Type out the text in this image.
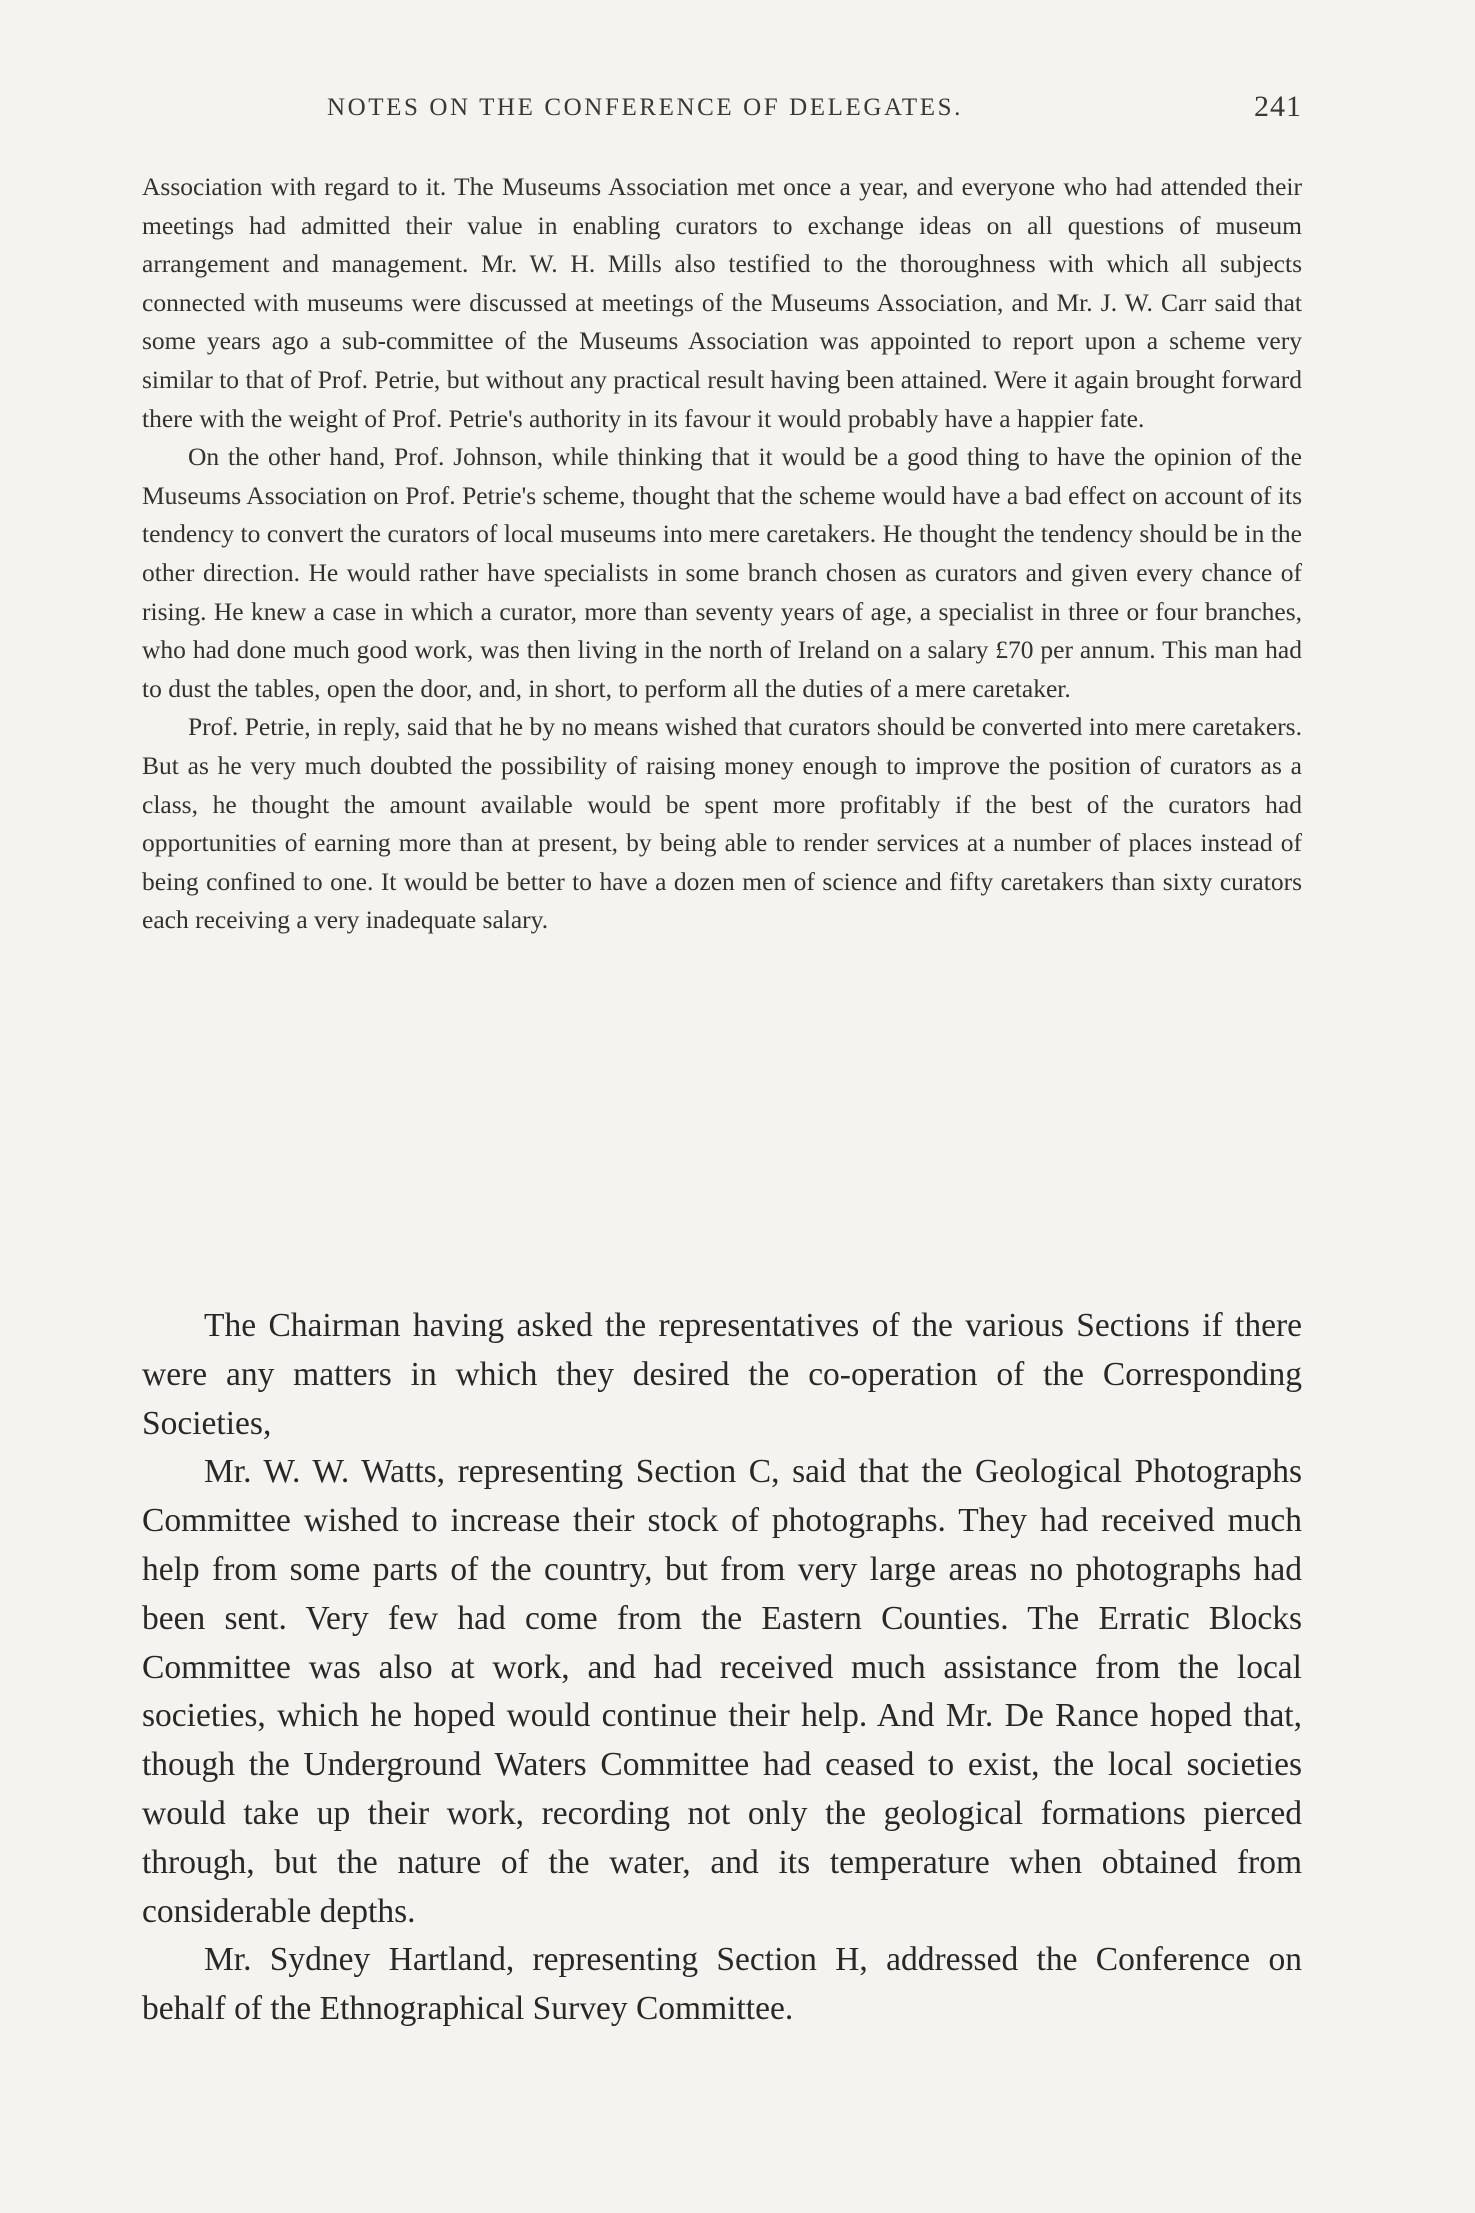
NOTES ON THE CONFERENCE OF DELEGATES.	241

Association with regard to it. The Museums Association met once a year, and everyone who had attended their meetings had admitted their value in enabling curators to exchange ideas on all questions of museum arrangement and management. Mr. W. H. Mills also testified to the thoroughness with which all subjects connected with museums were discussed at meetings of the Museums Association, and Mr. J. W. Carr said that some years ago a sub-committee of the Museums Association was appointed to report upon a scheme very similar to that of Prof. Petrie, but without any practical result having been attained. Were it again brought forward there with the weight of Prof. Petrie's authority in its favour it would probably have a happier fate.

On the other hand, Prof. Johnson, while thinking that it would be a good thing to have the opinion of the Museums Association on Prof. Petrie's scheme, thought that the scheme would have a bad effect on account of its tendency to convert the curators of local museums into mere caretakers. He thought the tendency should be in the other direction. He would rather have specialists in some branch chosen as curators and given every chance of rising. He knew a case in which a curator, more than seventy years of age, a specialist in three or four branches, who had done much good work, was then living in the north of Ireland on a salary £70 per annum. This man had to dust the tables, open the door, and, in short, to perform all the duties of a mere caretaker.

Prof. Petrie, in reply, said that he by no means wished that curators should be converted into mere caretakers. But as he very much doubted the possibility of raising money enough to improve the position of curators as a class, he thought the amount available would be spent more profitably if the best of the curators had opportunities of earning more than at present, by being able to render services at a number of places instead of being confined to one. It would be better to have a dozen men of science and fifty caretakers than sixty curators each receiving a very inadequate salary.

The Chairman having asked the representatives of the various Sections if there were any matters in which they desired the co-operation of the Corresponding Societies,

Mr. W. W. Watts, representing Section C, said that the Geological Photographs Committee wished to increase their stock of photographs. They had received much help from some parts of the country, but from very large areas no photographs had been sent. Very few had come from the Eastern Counties. The Erratic Blocks Committee was also at work, and had received much assistance from the local societies, which he hoped would continue their help. And Mr. De Rance hoped that, though the Underground Waters Committee had ceased to exist, the local societies would take up their work, recording not only the geological formations pierced through, but the nature of the water, and its temperature when obtained from considerable depths.

Mr. Sydney Hartland, representing Section H, addressed the Conference on behalf of the Ethnographical Survey Committee.
